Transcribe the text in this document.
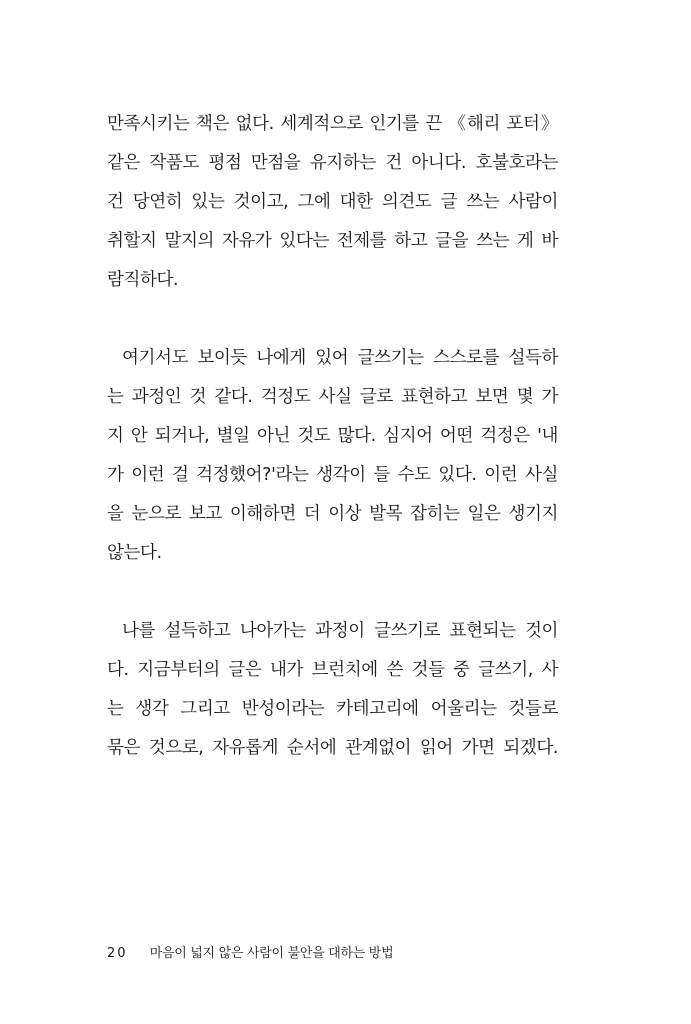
만족시키는 책은 없다. 세계적으로 인기를 끈 《해리 포터》
같은 작품도 평점 만점을 유지하는 건 아니다. 호불호라는
건 당연히 있는 것이고, 그에 대한 의견도 글 쓰는 사람이
취할지 말지의 자유가 있다는 전제를 하고 글을 쓰는 게 바
람직하다.
여기서도 보이듯 나에게 있어 글쓰기는 스스로를 설득하
는 과정인 것 같다. 걱정도 사실 글로 표현하고 보면 몇 가
지 안 되거나, 별일 아닌 것도 많다. 심지어 어떤 걱정은 '내
가 이런 걸 걱정했어?'라는 생각이 들 수도 있다. 이런 사실
을 눈으로 보고 이해하면 더 이상 발목 잡히는 일은 생기지
않는다.
나를 설득하고 나아가는 과정이 글쓰기로 표현되는 것이
다. 지금부터의 글은 내가 브런치에 쓴 것들 중 글쓰기, 사
는 생각 그리고 반성이라는 카테고리에 어울리는 것들로
묶은 것으로, 자유롭게 순서에 관계없이 읽어 가면 되겠다.
20 마음이 넓지 않은 사람이 불안을 대하는 방법
